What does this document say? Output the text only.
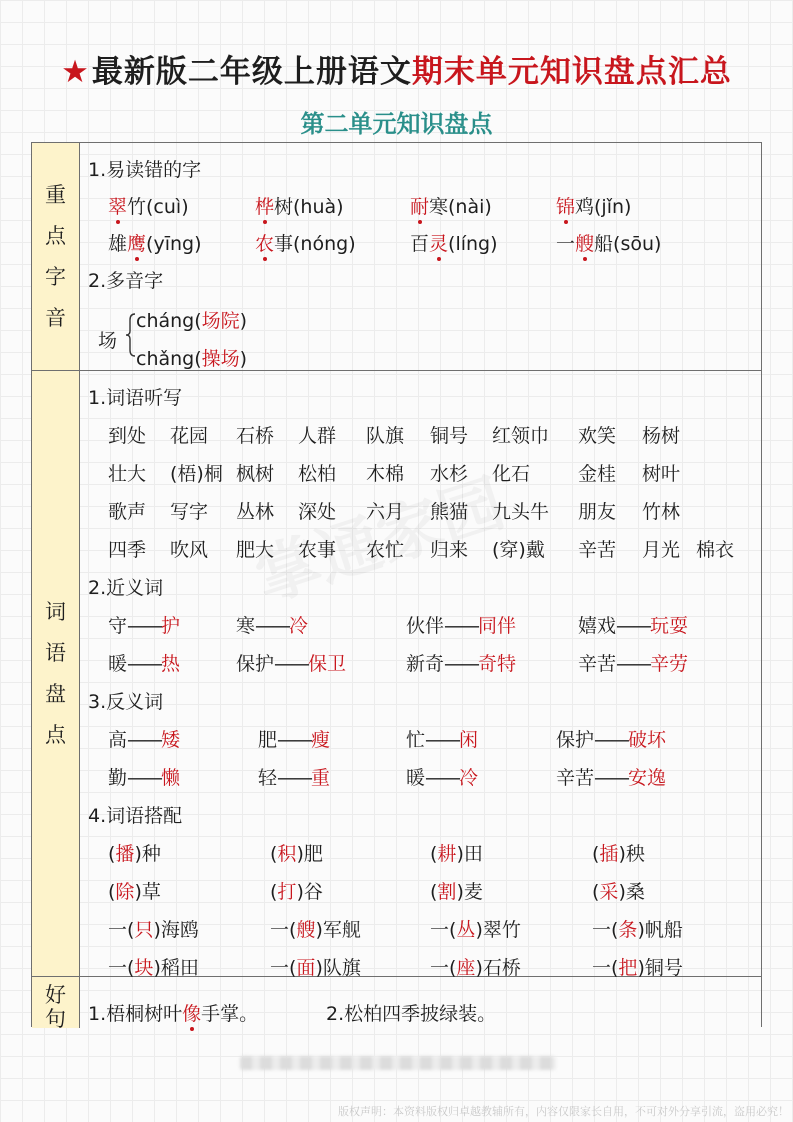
★最新版二年级上册语文期末单元知识盘点汇总
第二单元知识盘点
重
点
字
音
词
语
盘
点
好
句
1.易读错的字
翠竹(cuì)	桦树(huà)	耐寒(nài)	锦鸡(jǐn)
雄鹰(yīng)	农事(nóng)	百灵(líng)	一艘船(sōu)
2.多音字
场
cháng(场院)
chǎng(操场)
1.词语听写
到处 花园 石桥 人群 队旗 铜号 红领巾 欢笑 杨树
壮大 (梧)桐 枫树 松柏 木棉 水杉 化石	金桂 树叶
歌声 写字 丛林 深处 六月 熊猫 九头牛 朋友 竹林
四季 吹风 肥大 农事 农忙 归来 (穿)戴 辛苦 月光 棉衣
2.近义词
守——护	寒——冷	伙伴——同伴	嬉戏——玩耍
暖——热	保护——保卫	新奇——奇特	辛苦——辛劳
3.反义词
高——矮	肥——瘦	忙——闲	保护——破坏
勤——懒	轻——重	暖——冷	辛苦——安逸
4.词语搭配
(播)种	(积)肥	(耕)田	(插)秧
(除)草	(打)谷	(割)麦	(采)桑
一(只)海鸥	一(艘)军舰	一(丛)翠竹	一(条)帆船
一(块)稻田	一(面)队旗	一(座)石桥	一(把)铜号
1.梧桐树叶像手掌。	2.松柏四季披绿装。
版权声明：本资料版权归卓越教辅所有，内容仅限家长自用，不可对外分享引流，盗用必究！
